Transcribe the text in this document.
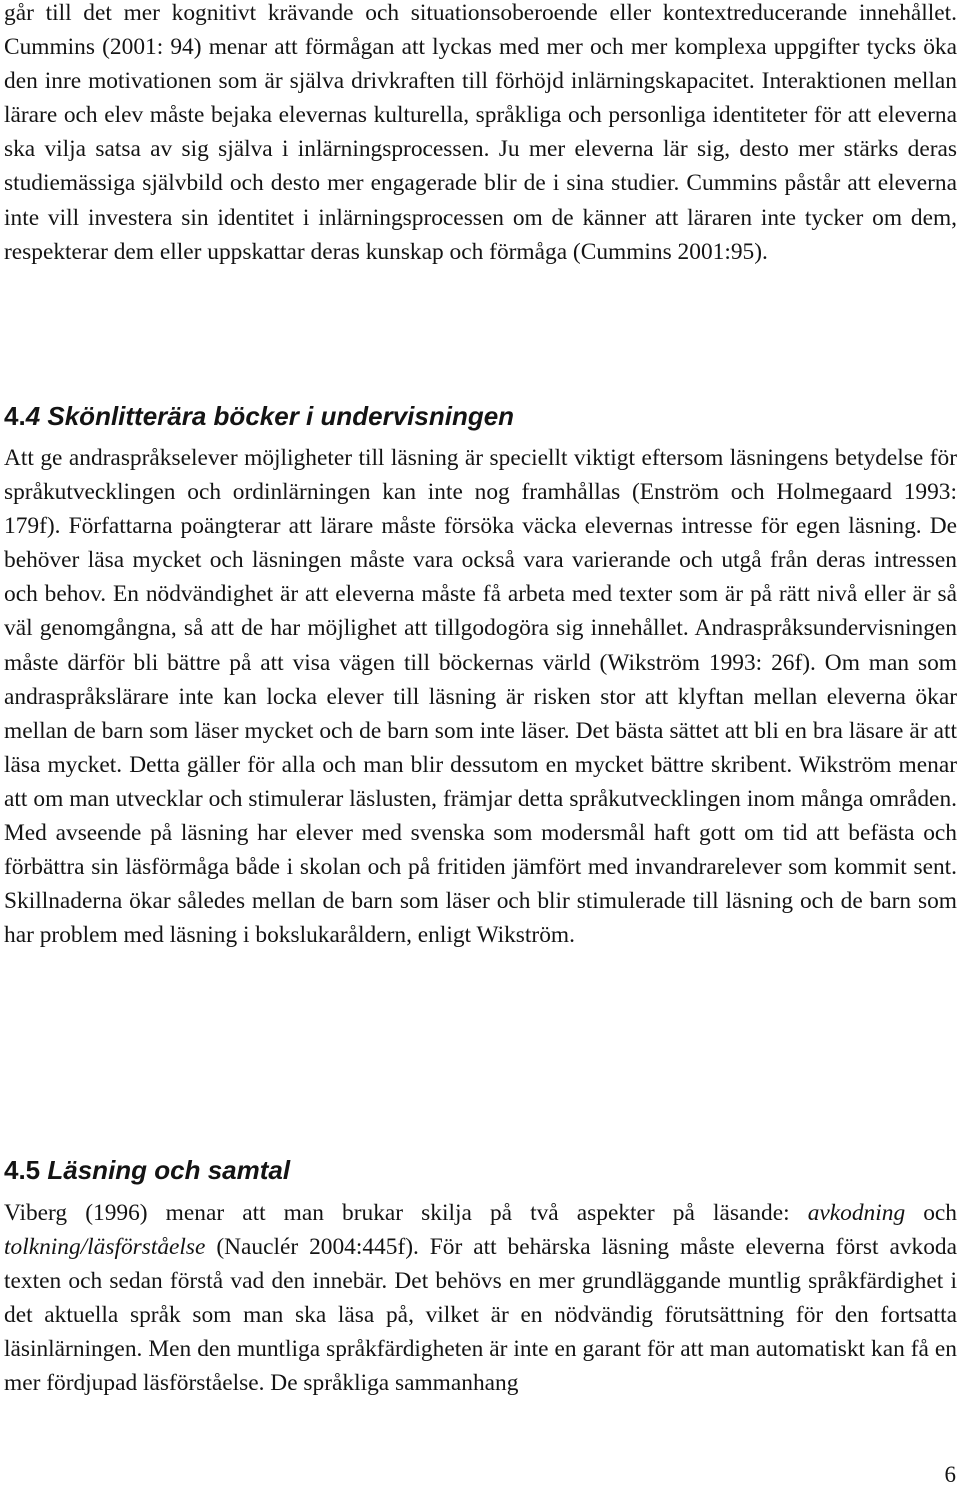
går till det mer kognitivt krävande och situationsoberoende eller kontextreducerande innehållet. Cummins (2001: 94) menar att förmågan att lyckas med mer och mer komplexa uppgifter tycks öka den inre motivationen som är själva drivkraften till förhöjd inlärningskapacitet. Interaktionen mellan lärare och elev måste bejaka elevernas kulturella, språkliga och personliga identiteter för att eleverna ska vilja satsa av sig själva i inlärningsprocessen. Ju mer eleverna lär sig, desto mer stärks deras studiemässiga självbild och desto mer engagerade blir de i sina studier. Cummins påstår att eleverna inte vill investera sin identitet i inlärningsprocessen om de känner att läraren inte tycker om dem, respekterar dem eller uppskattar deras kunskap och förmåga (Cummins 2001:95).

4.4 Skönlitterära böcker i undervisningen

Att ge andraspråkselever möjligheter till läsning är speciellt viktigt eftersom läsningens betydelse för språkutvecklingen och ordinlärningen kan inte nog framhållas (Enström och Holmegaard 1993: 179f). Författarna poängterar att lärare måste försöka väcka elevernas intresse för egen läsning. De behöver läsa mycket och läsningen måste vara också vara varierande och utgå från deras intressen och behov. En nödvändighet är att eleverna måste få arbeta med texter som är på rätt nivå eller är så väl genomgångna, så att de har möjlighet att tillgodogöra sig innehållet. Andraspråksundervisningen måste därför bli bättre på att visa vägen till böckernas värld (Wikström 1993: 26f). Om man som andraspråkslärare inte kan locka elever till läsning är risken stor att klyftan mellan eleverna ökar mellan de barn som läser mycket och de barn som inte läser. Det bästa sättet att bli en bra läsare är att läsa mycket. Detta gäller för alla och man blir dessutom en mycket bättre skribent. Wikström menar att om man utvecklar och stimulerar läslusten, främjar detta språkutvecklingen inom många områden. Med avseende på läsning har elever med svenska som modersmål haft gott om tid att befästa och förbättra sin läsförmåga både i skolan och på fritiden jämfört med invandrarelever som kommit sent. Skillnaderna ökar således mellan de barn som läser och blir stimulerade till läsning och de barn som har problem med läsning i bokslukaråldern, enligt Wikström.

4.5 Läsning och samtal

Viberg (1996) menar att man brukar skilja på två aspekter på läsande: avkodning och tolkning/läsförståelse (Nauclér 2004:445f). För att behärska läsning måste eleverna först avkoda texten och sedan förstå vad den innebär. Det behövs en mer grundläggande muntlig språkfärdighet i det aktuella språk som man ska läsa på, vilket är en nödvändig förutsättning för den fortsatta läsinlärningen. Men den muntliga språkfärdigheten är inte en garant för att man automatiskt kan få en mer fördjupad läsförståelse. De språkliga sammanhang

6
